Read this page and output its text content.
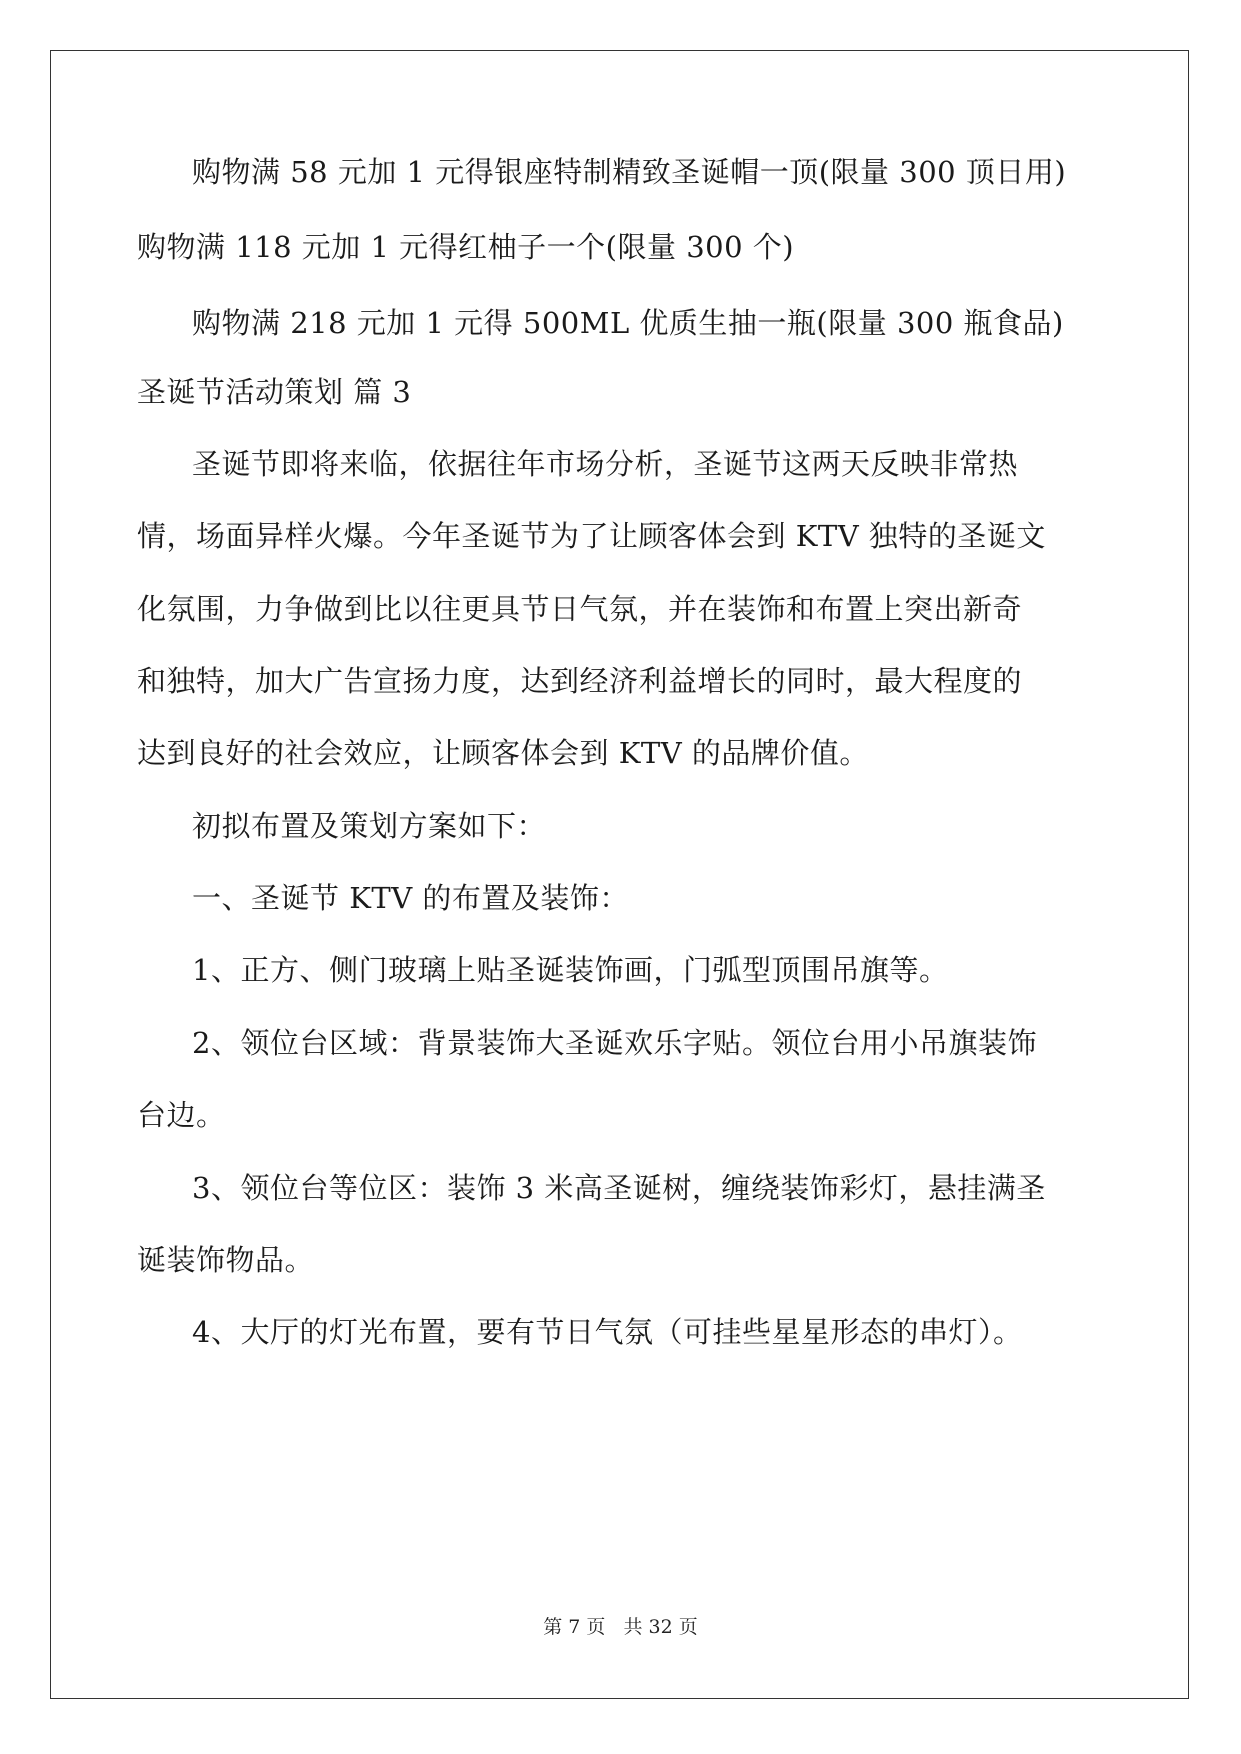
购物满 58 元加 1 元得银座特制精致圣诞帽一顶(限量 300 顶日用)

购物满 118 元加 1 元得红柚子一个(限量 300 个)

购物满 218 元加 1 元得 500ML 优质生抽一瓶(限量 300 瓶食品)

圣诞节活动策划 篇 3

圣诞节即将来临，依据往年市场分析，圣诞节这两天反映非常热

情，场面异样火爆。今年圣诞节为了让顾客体会到 KTV 独特的圣诞文

化氛围，力争做到比以往更具节日气氛，并在装饰和布置上突出新奇

和独特，加大广告宣扬力度，达到经济利益增长的同时，最大程度的

达到良好的社会效应，让顾客体会到 KTV 的品牌价值。

初拟布置及策划方案如下：

一、圣诞节 KTV 的布置及装饰：

1、正方、侧门玻璃上贴圣诞装饰画，门弧型顶围吊旗等。

2、领位台区域：背景装饰大圣诞欢乐字贴。领位台用小吊旗装饰

台边。

3、领位台等位区：装饰 3 米高圣诞树，缠绕装饰彩灯，悬挂满圣

诞装饰物品。

4、大厅的灯光布置，要有节日气氛（可挂些星星形态的串灯）。

第 7 页 共 32 页
